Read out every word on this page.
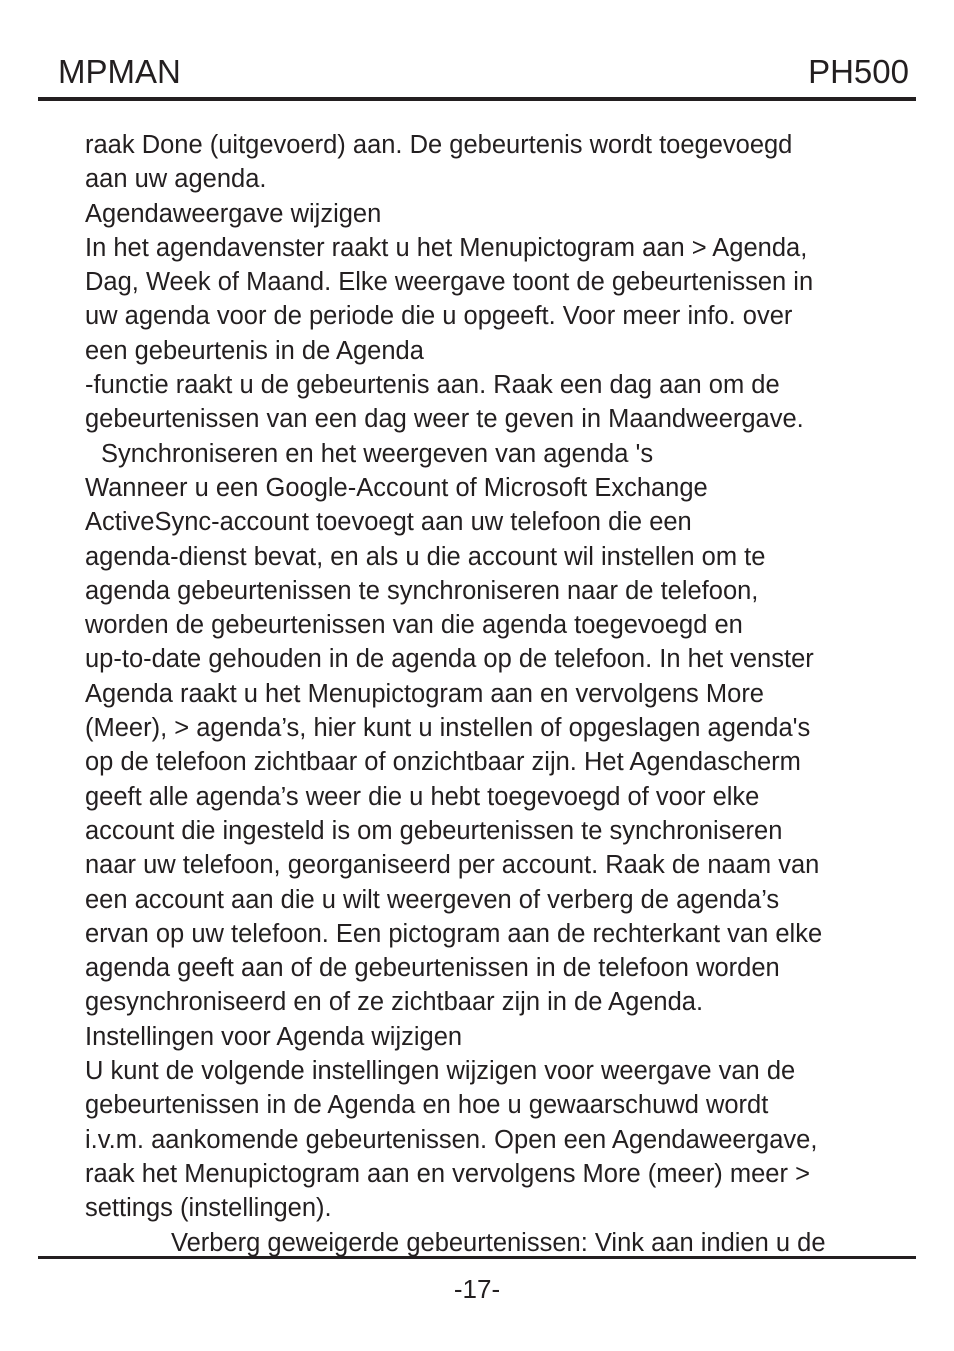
MPMAN	PH500
raak Done (uitgevoerd) aan. De gebeurtenis wordt toegevoegd
aan uw agenda.
Agendaweergave wijzigen
In het agendavenster raakt u het Menupictogram aan > Agenda,
Dag, Week of Maand. Elke weergave toont de gebeurtenissen in
uw agenda voor de periode die u opgeeft. Voor meer info. over
een gebeurtenis in de Agenda
-functie raakt u de gebeurtenis aan. Raak een dag aan om de
gebeurtenissen van een dag weer te geven in Maandweergave.
Synchroniseren en het weergeven van agenda 's
Wanneer u een Google-Account of Microsoft Exchange
ActiveSync-account toevoegt aan uw telefoon die een
agenda-dienst bevat, en als u die account wil instellen om te
agenda gebeurtenissen te synchroniseren naar de telefoon,
worden de gebeurtenissen van die agenda toegevoegd en
up-to-date gehouden in de agenda op de telefoon. In het venster
Agenda raakt u het Menupictogram aan en vervolgens More
(Meer), > agenda’s, hier kunt u instellen of opgeslagen agenda's
op de telefoon zichtbaar of onzichtbaar zijn. Het Agendascherm
geeft alle agenda’s weer die u hebt toegevoegd of voor elke
account die ingesteld is om gebeurtenissen te synchroniseren
naar uw telefoon, georganiseerd per account. Raak de naam van
een account aan die u wilt weergeven of verberg de agenda’s
ervan op uw telefoon. Een pictogram aan de rechterkant van elke
agenda geeft aan of de gebeurtenissen in de telefoon worden
gesynchroniseerd en of ze zichtbaar zijn in de Agenda.
Instellingen voor Agenda wijzigen
U kunt de volgende instellingen wijzigen voor weergave van de
gebeurtenissen in de Agenda en hoe u gewaarschuwd wordt
i.v.m. aankomende gebeurtenissen. Open een Agendaweergave,
raak het Menupictogram aan en vervolgens More (meer) meer >
settings (instellingen).
Verberg geweigerde gebeurtenissen: Vink aan indien u de
-17-
